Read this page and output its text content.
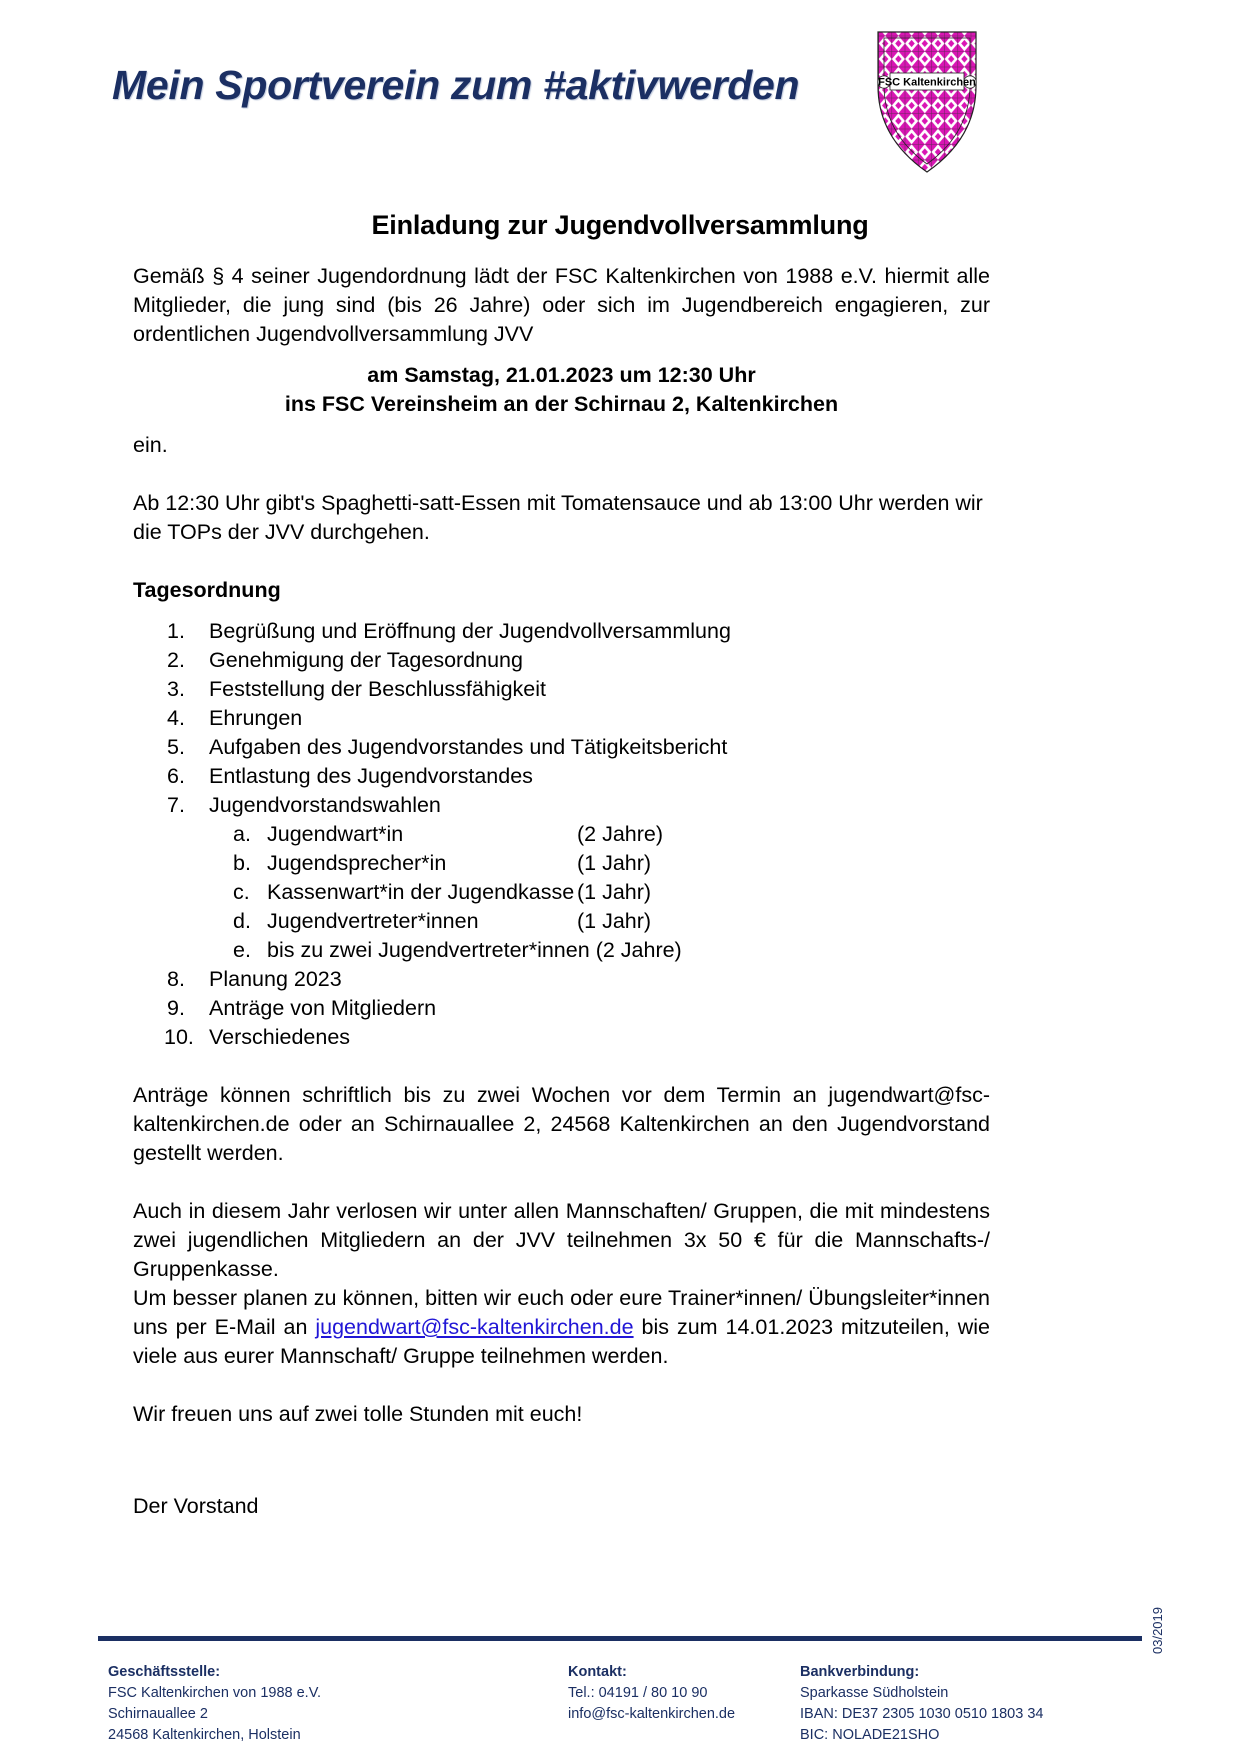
Mein Sportverein zum #aktivwerden	FSC Kaltenkirchen
Einladung zur Jugendvollversammlung

Gemäß § 4 seiner Jugendordnung lädt der FSC Kaltenkirchen von 1988 e.V. hiermit alle Mitglieder, die jung sind (bis 26 Jahre) oder sich im Jugendbereich engagieren, zur ordentlichen Jugendvollversammlung JVV

am Samstag, 21.01.2023 um 12:30 Uhr

ins FSC Vereinsheim an der Schirnau 2, Kaltenkirchen

ein.

Ab 12:30 Uhr gibt's Spaghetti-satt-Essen mit Tomatensauce und ab 13:00 Uhr werden wir die TOPs der JVV durchgehen.

Tagesordnung

1.	Begrüßung und Eröffnung der Jugendvollversammlung
2.	Genehmigung der Tagesordnung
3.	Feststellung der Beschlussfähigkeit
4.	Ehrungen
5.	Aufgaben des Jugendvorstandes und Tätigkeitsbericht
6.	Entlastung des Jugendvorstandes
7.	Jugendvorstandswahlen
a. Jugendwart*in	(2 Jahre)
b. Jugendsprecher*in	(1 Jahr)
c. Kassenwart*in der Jugendkasse (1 Jahr)
d. Jugendvertreter*innen	(1 Jahr)
e. bis zu zwei Jugendvertreter*innen (2 Jahre)
8.	Planung 2023
9.	Anträge von Mitgliedern
10. Verschiedenes

Anträge können schriftlich bis zu zwei Wochen vor dem Termin an jugendwart@fsc-kaltenkirchen.de oder an Schirnauallee 2, 24568 Kaltenkirchen an den Jugendvorstand gestellt werden.

Auch in diesem Jahr verlosen wir unter allen Mannschaften/ Gruppen, die mit mindestens zwei jugendlichen Mitgliedern an der JVV teilnehmen 3x 50 € für die Mannschafts-/ Gruppenkasse.

Um besser planen zu können, bitten wir euch oder eure Trainer*innen/ Übungsleiter*innen uns per E-Mail an jugendwart@fsc-kaltenkirchen.de bis zum 14.01.2023 mitzuteilen, wie viele aus eurer Mannschaft/ Gruppe teilnehmen werden.

Wir freuen uns auf zwei tolle Stunden mit euch!

Der Vorstand

Geschäftsstelle:
FSC Kaltenkirchen von 1988 e.V.
Schirnauallee 2
24568 Kaltenkirchen, Holstein
Kontakt:
Tel.: 04191 / 80 10 90
info@fsc-kaltenkirchen.de
Bankverbindung:
Sparkasse Südholstein
IBAN: DE37 2305 1030 0510 1803 34
BIC: NOLADE21SHO
03/2019
